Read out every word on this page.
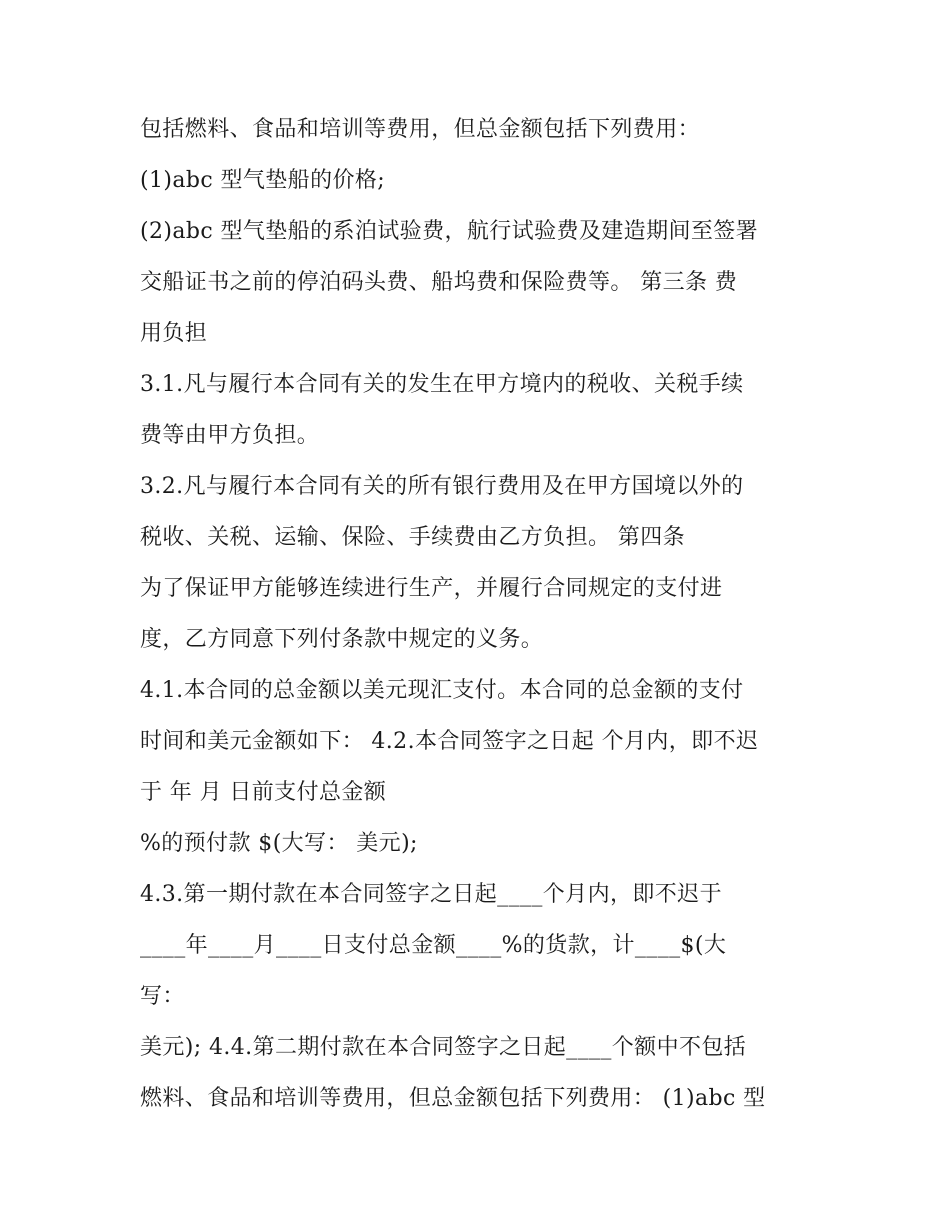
包括燃料、食品和培训等费用，但总金额包括下列费用：
(1)abc 型气垫船的价格;
(2)abc 型气垫船的系泊试验费，航行试验费及建造期间至签署
交船证书之前的停泊码头费、船坞费和保险费等。 第三条 费
用负担
3.1.凡与履行本合同有关的发生在甲方境内的税收、关税手续
费等由甲方负担。
3.2.凡与履行本合同有关的所有银行费用及在甲方国境以外的
税收、关税、运输、保险、手续费由乙方负担。 第四条
为了保证甲方能够连续进行生产，并履行合同规定的支付进
度，乙方同意下列付条款中规定的义务。
4.1.本合同的总金额以美元现汇支付。本合同的总金额的支付
时间和美元金额如下： 4.2.本合同签字之日起 个月内，即不迟
于 年 月 日前支付总金额
%的预付款 $(大写： 美元);
4.3.第一期付款在本合同签字之日起____个月内，即不迟于
____年____月____日支付总金额____%的货款，计____$(大
写：
美元); 4.4.第二期付款在本合同签字之日起____个额中不包括
燃料、食品和培训等费用，但总金额包括下列费用： (1)abc 型
